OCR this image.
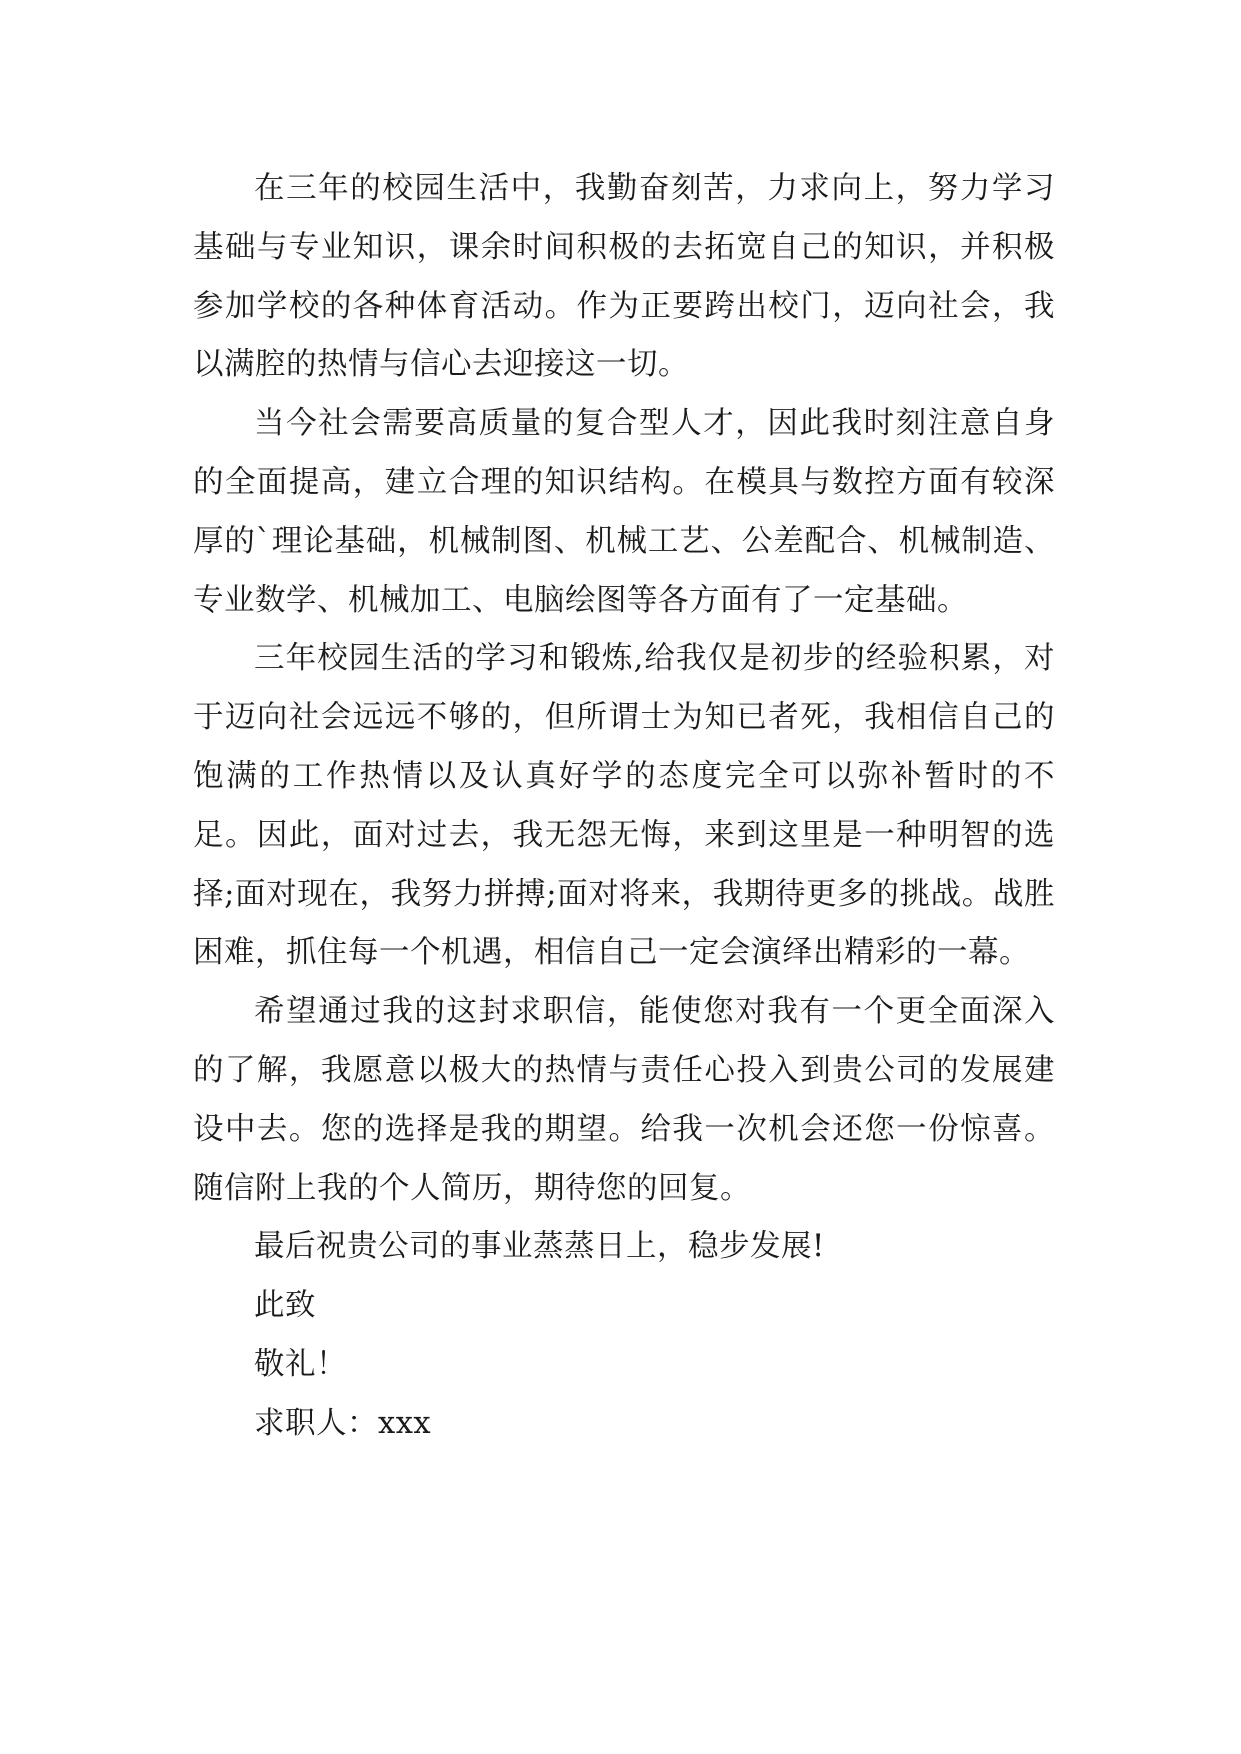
在三年的校园生活中，我勤奋刻苦，力求向上，努力学习基础与专业知识，课余时间积极的去拓宽自己的知识，并积极参加学校的各种体育活动。作为正要跨出校门，迈向社会，我以满腔的热情与信心去迎接这一切。

当今社会需要高质量的复合型人才，因此我时刻注意自身的全面提高，建立合理的知识结构。在模具与数控方面有较深厚的`理论基础，机械制图、机械工艺、公差配合、机械制造、专业数学、机械加工、电脑绘图等各方面有了一定基础。

三年校园生活的学习和锻炼,给我仅是初步的经验积累，对于迈向社会远远不够的，但所谓士为知已者死，我相信自己的饱满的工作热情以及认真好学的态度完全可以弥补暂时的不足。因此，面对过去，我无怨无悔，来到这里是一种明智的选择;面对现在，我努力拼搏;面对将来，我期待更多的挑战。战胜困难，抓住每一个机遇，相信自己一定会演绎出精彩的一幕。

希望通过我的这封求职信，能使您对我有一个更全面深入的了解，我愿意以极大的热情与责任心投入到贵公司的发展建设中去。您的选择是我的期望。给我一次机会还您一份惊喜。随信附上我的个人简历，期待您的回复。

最后祝贵公司的事业蒸蒸日上，稳步发展!

此致

敬礼！

求职人：xxx
